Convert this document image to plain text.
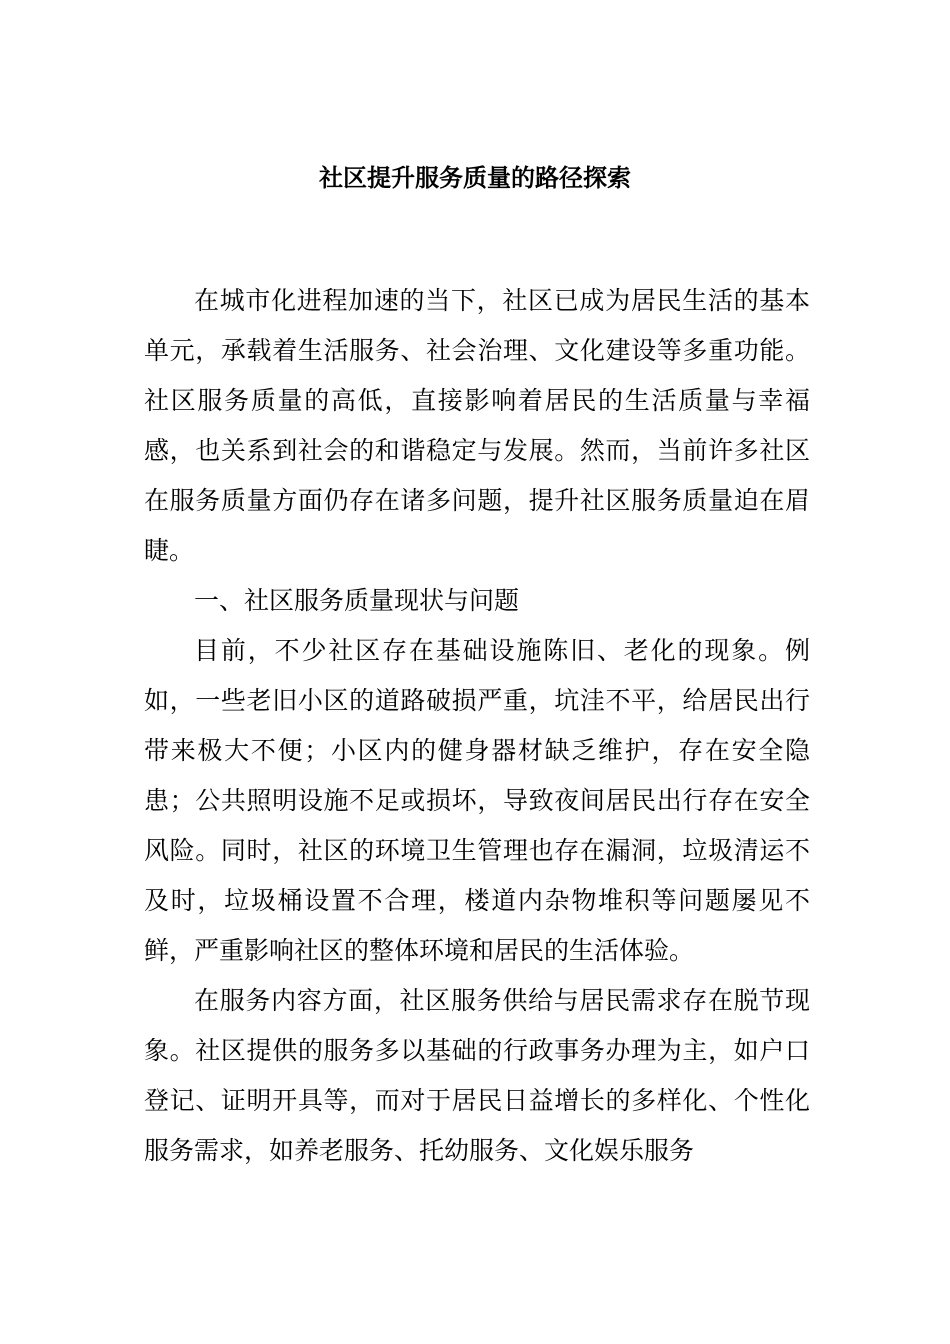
社区提升服务质量的路径探索

在城市化进程加速的当下，社区已成为居民生活的基本单元，承载着生活服务、社会治理、文化建设等多重功能。社区服务质量的高低，直接影响着居民的生活质量与幸福感，也关系到社会的和谐稳定与发展。然而，当前许多社区在服务质量方面仍存在诸多问题，提升社区服务质量迫在眉睫。

一、社区服务质量现状与问题

目前，不少社区存在基础设施陈旧、老化的现象。例如，一些老旧小区的道路破损严重，坑洼不平，给居民出行带来极大不便；小区内的健身器材缺乏维护，存在安全隐患；公共照明设施不足或损坏，导致夜间居民出行存在安全风险。同时，社区的环境卫生管理也存在漏洞，垃圾清运不及时，垃圾桶设置不合理，楼道内杂物堆积等问题屡见不鲜，严重影响社区的整体环境和居民的生活体验。

在服务内容方面，社区服务供给与居民需求存在脱节现象。社区提供的服务多以基础的行政事务办理为主，如户口登记、证明开具等，而对于居民日益增长的多样化、个性化服务需求，如养老服务、托幼服务、文化娱乐服务
